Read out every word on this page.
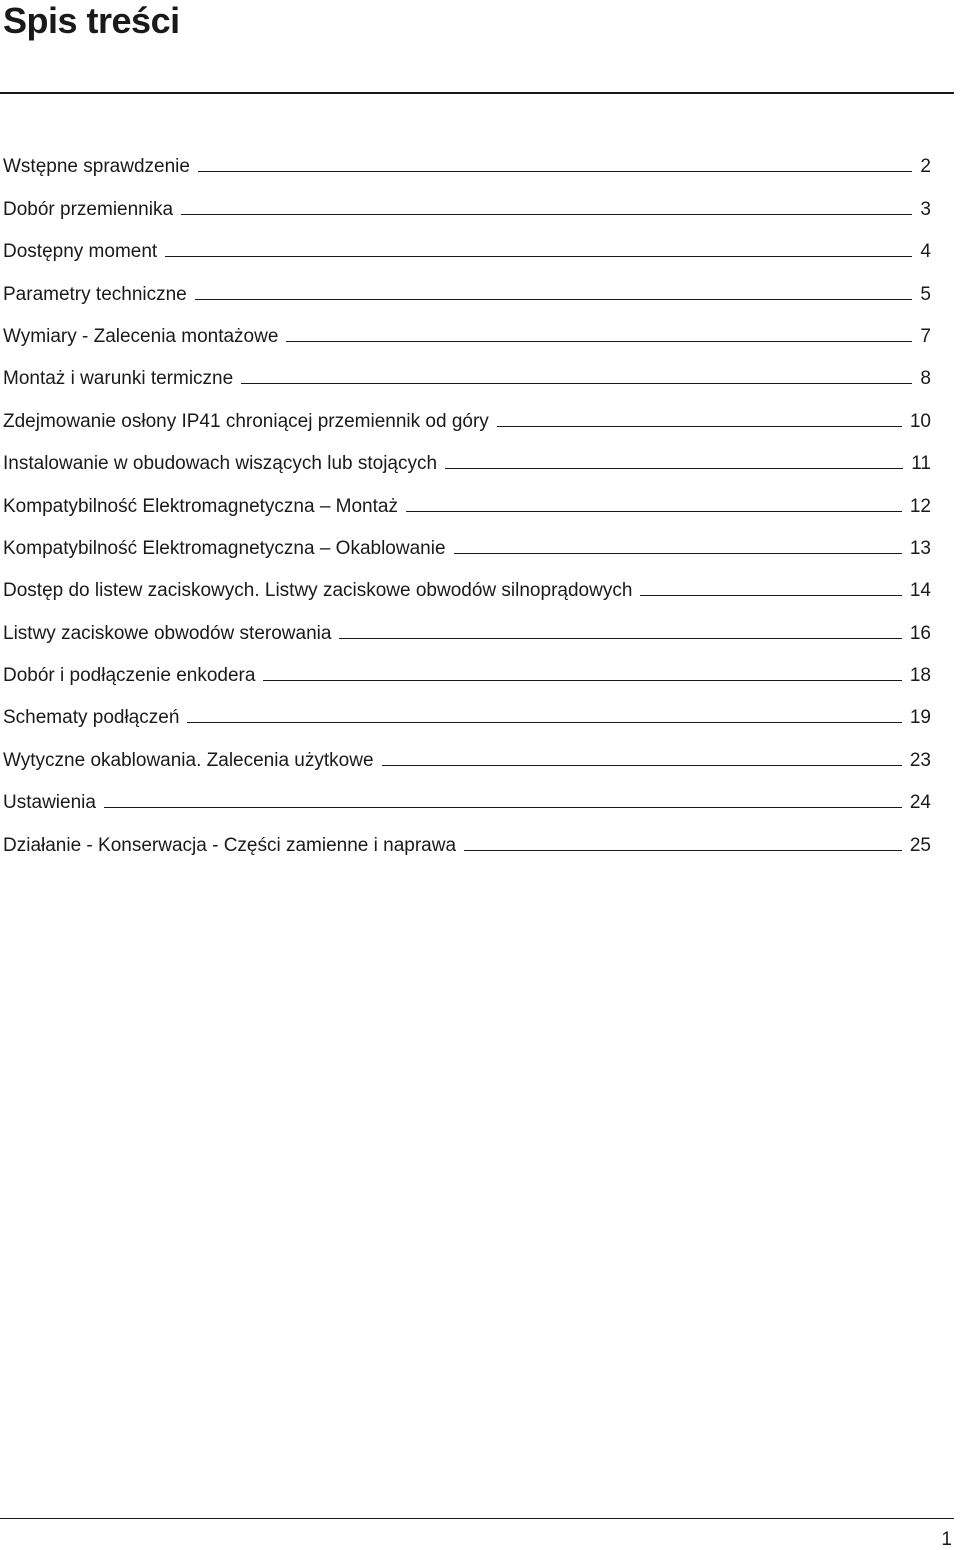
Spis treści
Wstępne sprawdzenie	2
Dobór przemiennika	3
Dostępny moment	4
Parametry techniczne	5
Wymiary - Zalecenia montażowe	7
Montaż i warunki termiczne	8
Zdejmowanie osłony IP41 chroniącej przemiennik od góry	10
Instalowanie w obudowach wiszących lub stojących	11
Kompatybilność Elektromagnetyczna – Montaż	12
Kompatybilność Elektromagnetyczna – Okablowanie	13
Dostęp do listew zaciskowych. Listwy zaciskowe obwodów silnoprądowych	14
Listwy zaciskowe obwodów sterowania	16
Dobór i podłączenie enkodera	18
Schematy podłączeń	19
Wytyczne okablowania. Zalecenia użytkowe	23
Ustawienia	24
Działanie - Konserwacja - Części zamienne i naprawa	25
1
